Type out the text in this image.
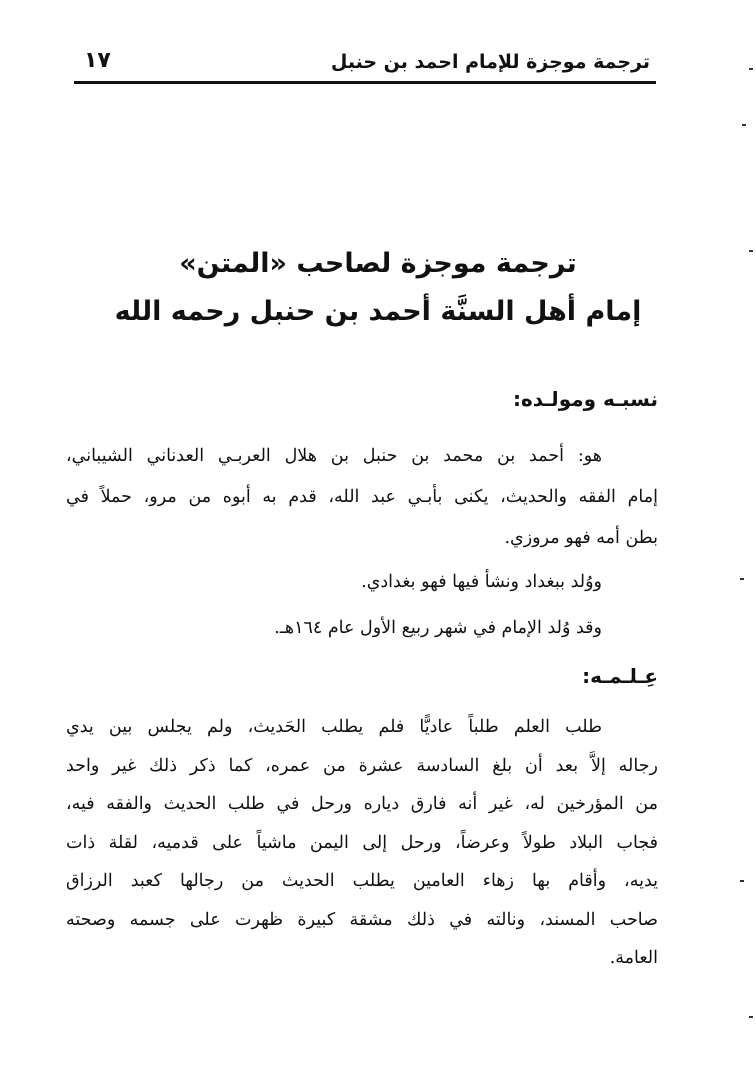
ترجمة موجزة للإمام احمد بن حنبل
١٧
ترجمة موجزة لصاحب «المتن»
إمام أهل السنَّة أحمد بن حنبل رحمه الله
نسبـه ومولـده:
هو: أحمد بن محمد بن حنبل بن هلال العربـي العدناني الشيباني،
إمام الفقه والحديث، يكنى بأبـي عبد الله، قدم به أبوه من مرو، حملاً في
بطن أمه فهو مروزي.
ووُلد ببغداد ونشأ فيها فهو بغدادي.
وقد وُلد الإمام في شهر ربيع الأول عام ١٦٤هـ.
عِـلـمـه:
طلب العلم طلباً عاديًّا فلم يطلب الحَديث، ولم يجلس بين يدي
رجاله إلاَّ بعد أن بلغ السادسة عشرة من عمره، كما ذكر ذلك غير واحد
من المؤرخين له، غير أنه فارق دياره ورحل في طلب الحديث والفقه فيه،
فجاب البلاد طولاً وعرضاً، ورحل إلى اليمن ماشياً على قدميه، لقلة ذات
يديه، وأقام بها زهاء العامين يطلب الحديث من رجالها كعبد الرزاق
صاحب المسند، ونالته في ذلك مشقة كبيرة ظهرت على جسمه وصحته
العامة.
